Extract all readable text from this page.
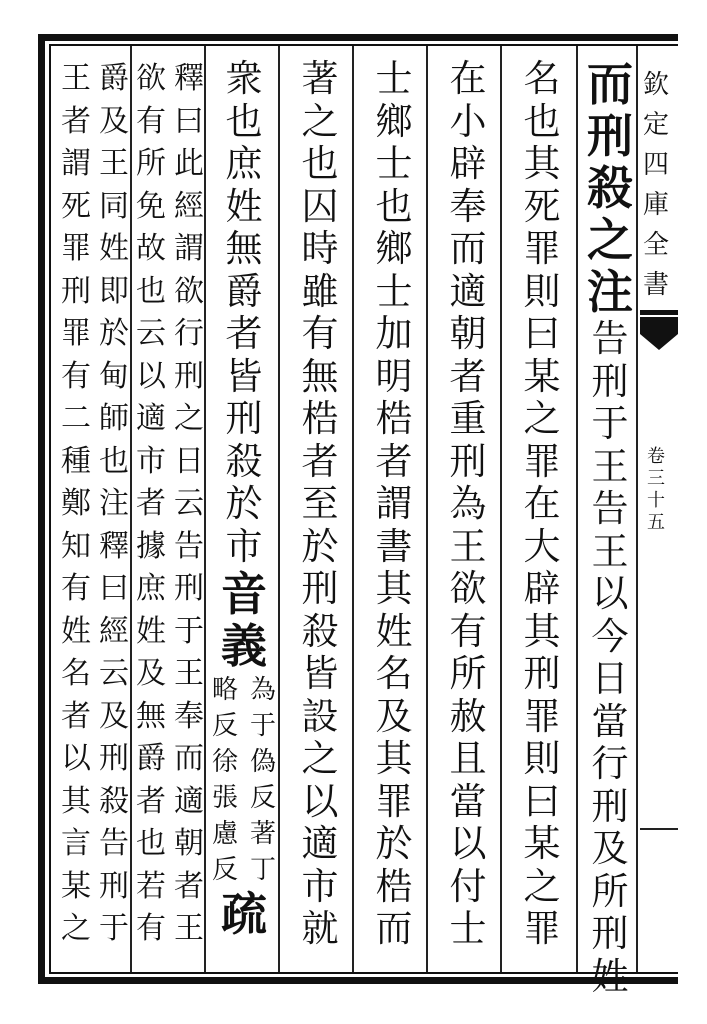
欽
定
四
庫
全
書
卷
三
十
五
而
刑
殺
之
注
告
刑
于
王
告
王
以
今
日
當
行
刑
及
所
刑
姓
名
也
其
死
罪
則
曰
某
之
罪
在
大
辟
其
刑
罪
則
曰
某
之
罪
在
小
辟
奉
而
適
朝
者
重
刑
為
王
欲
有
所
赦
且
當
以
付
士
士
鄉
士
也
鄉
士
加
明
梏
者
謂
書
其
姓
名
及
其
罪
於
梏
而
著
之
也
囚
時
雖
有
無
梏
者
至
於
刑
殺
皆
設
之
以
適
市
就
衆
也
庶
姓
無
爵
者
皆
刑
殺
於
市
音
義
為
于
偽
反
著
丁
略
反
徐
張
慮
反
疏
釋
曰
此
經
謂
欲
行
刑
之
日
云
告
刑
于
王
奉
而
適
朝
者
王
欲
有
所
免
故
也
云
以
適
市
者
據
庶
姓
及
無
爵
者
也
若
有
爵
及
王
同
姓
即
於
甸
師
也
注
釋
曰
經
云
及
刑
殺
告
刑
于
王
者
謂
死
罪
刑
罪
有
二
種
鄭
知
有
姓
名
者
以
其
言
某
之
